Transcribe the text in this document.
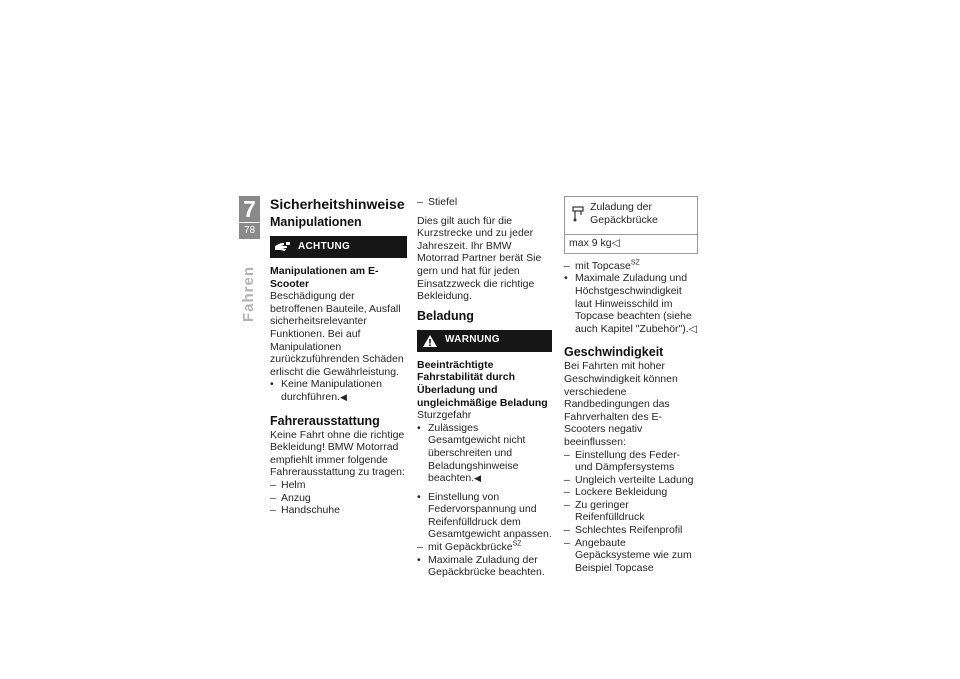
7
78
Fahren
Sicherheitshinweise
Manipulationen
ACHTUNG

Manipulationen am E-Scooter

Beschädigung der betroffenen Bauteile, Ausfall sicherheitsrelevanter Funktionen. Bei auf Manipulationen zurückzuführenden Schäden erlischt die Gewährleistung.

• Keine Manipulationen durchführen.◀
Fahrerausstattung

Keine Fahrt ohne die richtige Bekleidung! BMW Motorrad empfiehlt immer folgende Fahrerausstattung zu tragen:

– Helm
– Anzug
– Handschuhe
– Stiefel

Dies gilt auch für die Kurzstrecke und zu jeder Jahreszeit. Ihr BMW Motorrad Partner berät Sie gern und hat für jeden Einsatzzweck die richtige Bekleidung.

Beladung
WARNUNG

Beeinträchtigte Fahrstabilität durch Überladung und ungleichmäßige Beladung

Sturzgefahr

• Zulässiges Gesamtgewicht nicht überschreiten und Beladungshinweise beachten.◀
• Einstellung von Federvorspannung und Reifenfülldruck dem Gesamtgewicht anpassen.
– mit Gepäckbrücke$^{SZ}$
• Maximale Zuladung der Gepäckbrücke beachten.
Zuladung der Gepäckbrücke
max 9 kg◁
– mit Topcase$^{SZ}$
• Maximale Zuladung und Höchstgeschwindigkeit laut Hinweisschild im Topcase beachten (siehe auch Kapitel "Zubehör").◁
Geschwindigkeit

Bei Fahrten mit hoher Geschwindigkeit können verschiedene Randbedingungen das Fahrverhalten des E-Scooters negativ beeinflussen:

– Einstellung des Feder- und Dämpfersystems
– Ungleich verteilte Ladung
– Lockere Bekleidung
– Zu geringer Reifenfülldruck
– Schlechtes Reifenprofil
– Angebaute Gepäcksysteme wie zum Beispiel Topcase
